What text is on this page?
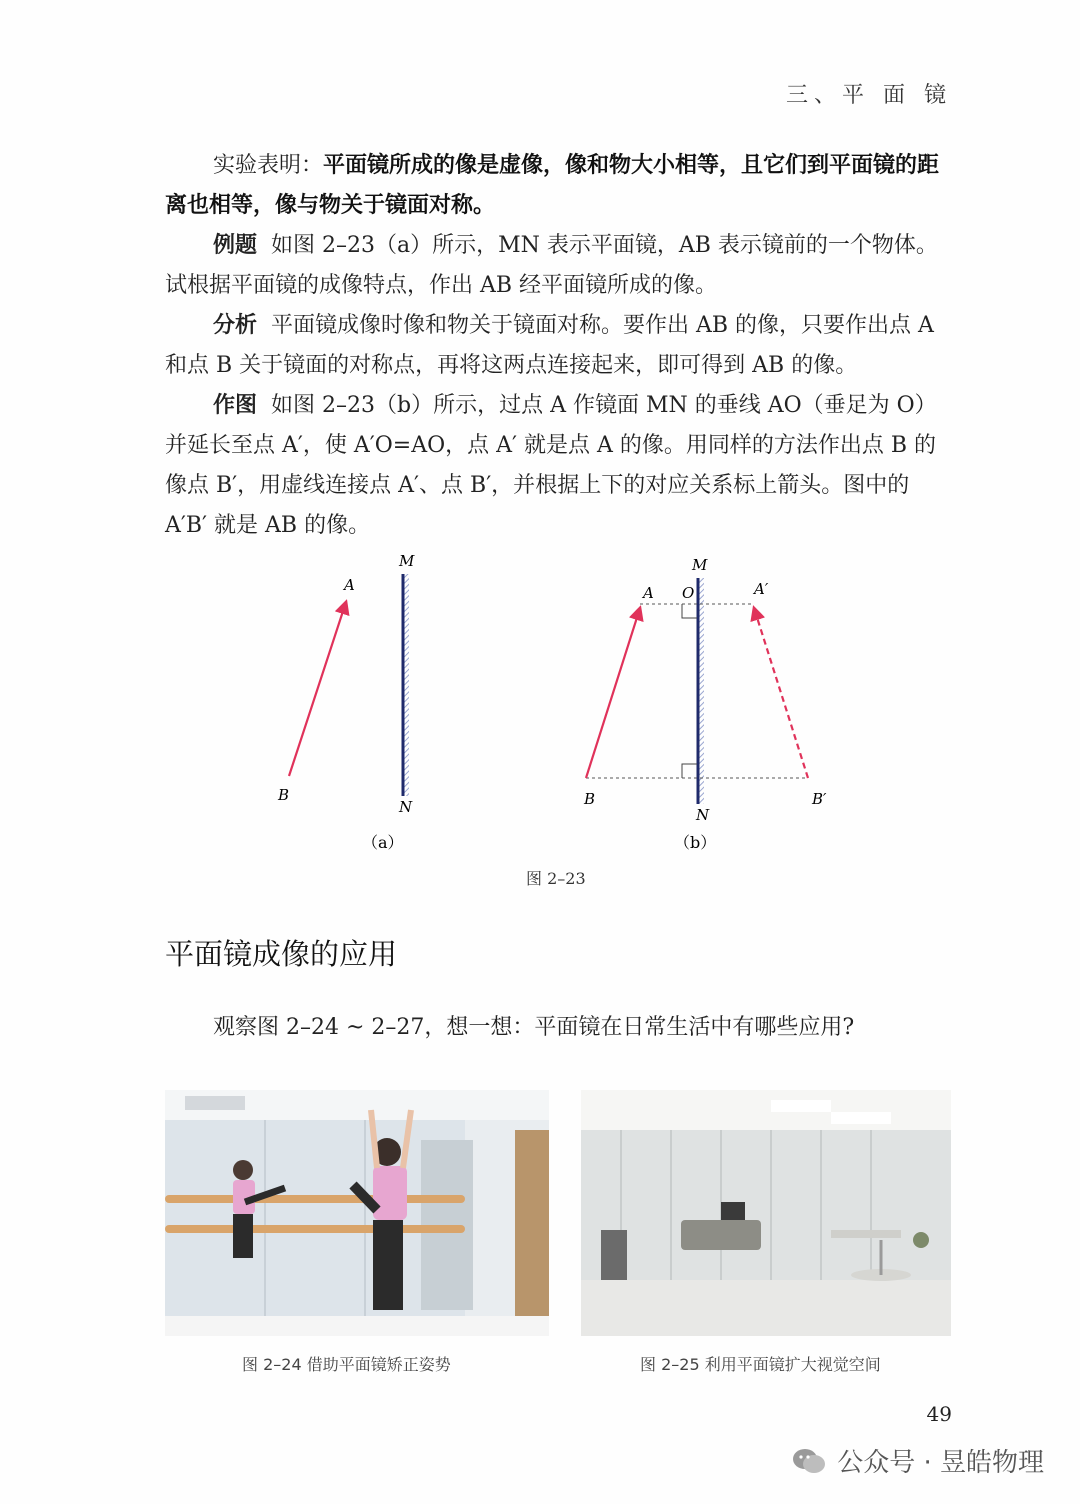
三、平 面 镜
实验表明：平面镜所成的像是虚像，像和物大小相等，且它们到平面镜的距离也相等，像与物关于镜面对称。
例题 如图 2–23（a）所示，MN 表示平面镜，AB 表示镜前的一个物体。试根据平面镜的成像特点，作出 AB 经平面镜所成的像。
分析 平面镜成像时像和物关于镜面对称。要作出 AB 的像，只要作出点 A 和点 B 关于镜面的对称点，再将这两点连接起来，即可得到 AB 的像。
作图 如图 2–23（b）所示，过点 A 作镜面 MN 的垂线 AO（垂足为 O）并延长至点 A′，使 A′O=AO，点 A′ 就是点 A 的像。用同样的方法作出点 B 的像点 B′，用虚线连接点 A′、点 B′，并根据上下的对应关系标上箭头。图中的 A′B′ 就是 AB 的像。
M
N
A
B
（a）
M
N
A O	A′
B	B′
（b）
图 2–23
平面镜成像的应用
观察图 2–24 ~ 2–27，想一想：平面镜在日常生活中有哪些应用?
图 2–24 借助平面镜矫正姿势	图 2–25 利用平面镜扩大视觉空间
49
公众号 · 昱皓物理
